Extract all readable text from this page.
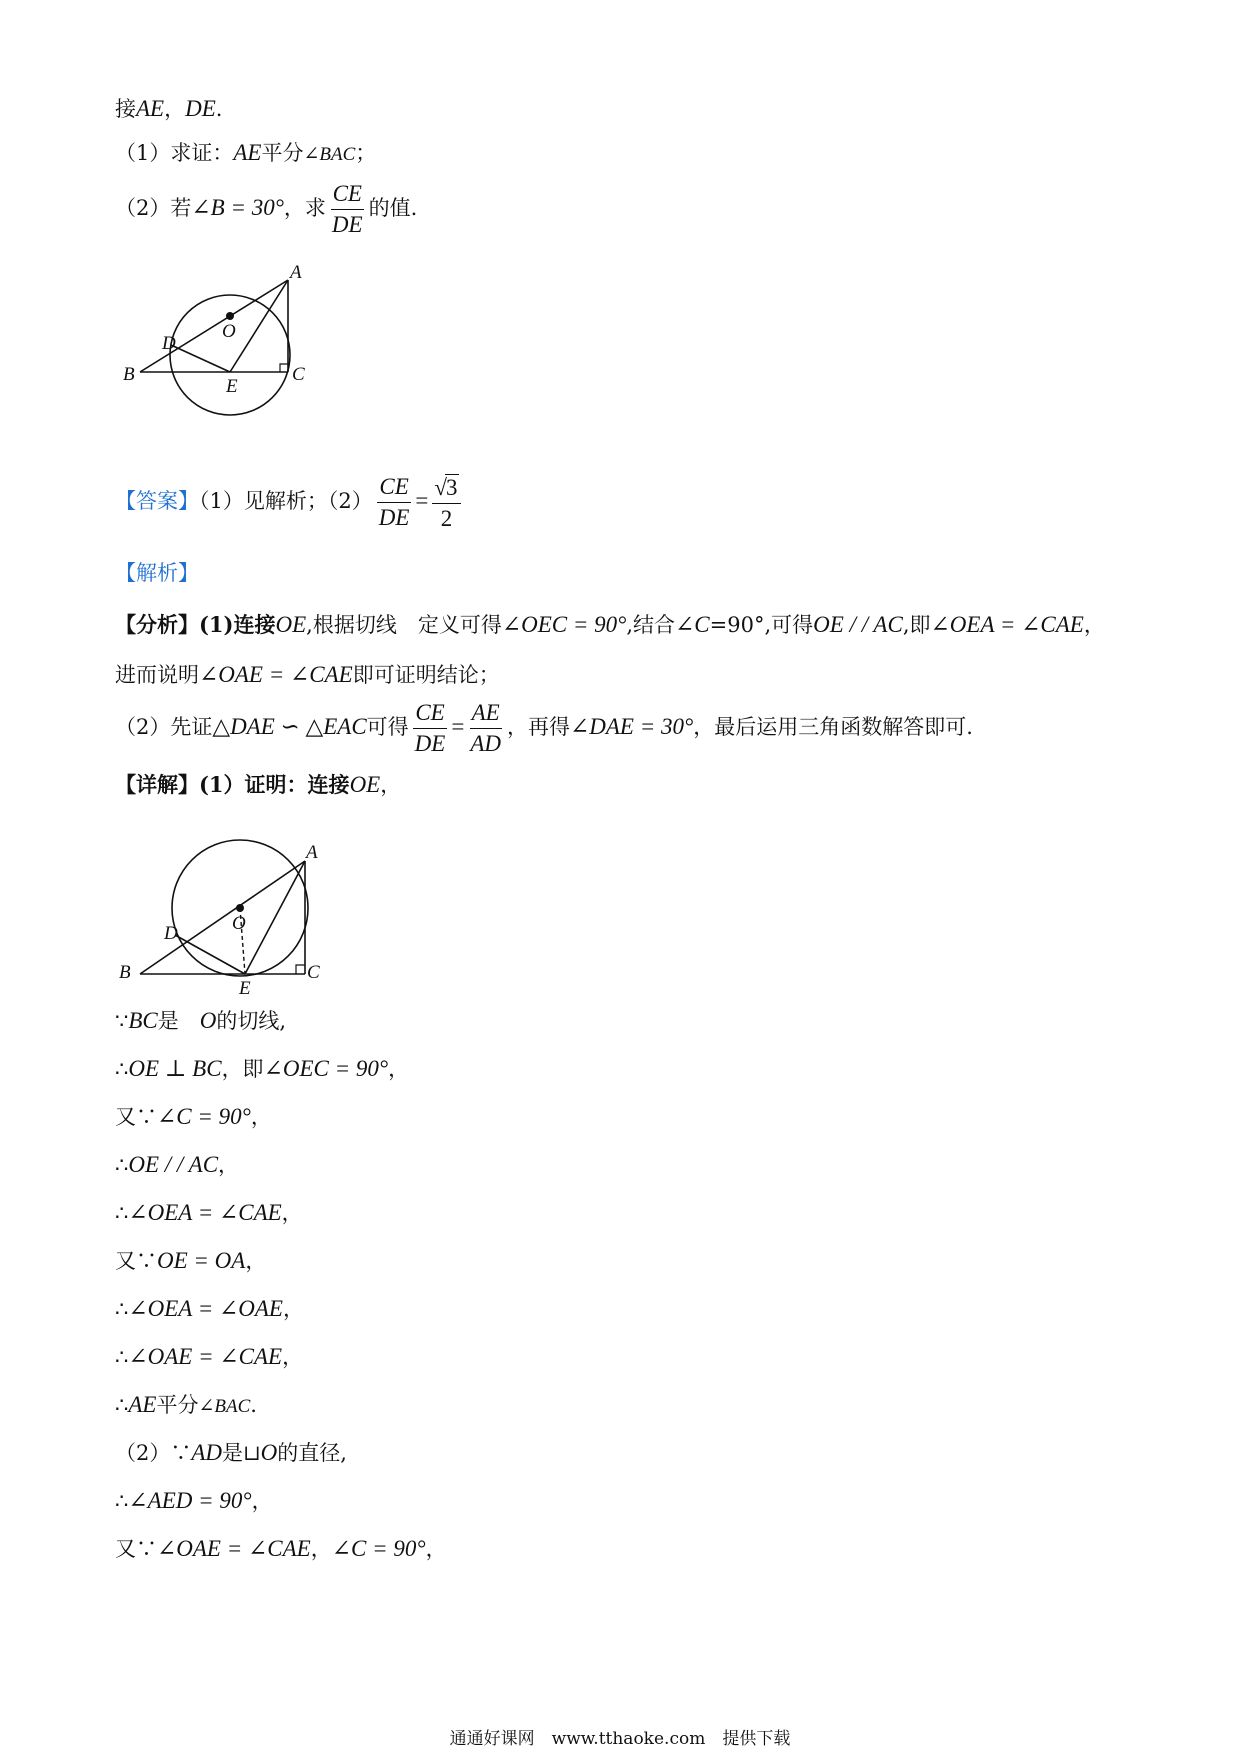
接AE，DE.
（1）求证：AE平分∠BAC；
（2）若∠B = 30°，求 $\frac{CE}{DE}$ 的值.
A
O
D
B
E
C
【答案】（1）见解析；$(2) \frac{CE}{DE} = \frac{√3}{2}$
【解析】
【分析】(1)连接OE,根据切线　定义可得∠OEC = 90°,结合∠C=90°,可得OE / / AC,即∠OEA = ∠CAE，
进而说明∠OAE = ∠CAE即可证明结论；
（2）先证△DAE ∽ △EAC可得 $\frac{CE}{DE} = \frac{AE}{AD}$ ，再得∠DAE = 30°，最后运用三角函数解答即可.
【详解】(1）证明：连接OE，
A
O
D
B
E
C
∵BC是　O的切线,
∴OE ⊥ BC，即∠OEC = 90°，
又∵∠C = 90°，
∴OE / / AC，
∴∠OEA = ∠CAE，
又∵OE = OA，
∴∠OEA = ∠OAE，
∴∠OAE = ∠CAE，
∴AE平分∠BAC.
（2）∵AD是⊔O的直径,
∴∠AED = 90°，
又∵∠OAE = ∠CAE，∠C = 90°，
通通好课网　www.tthaoke.com　提供下载
